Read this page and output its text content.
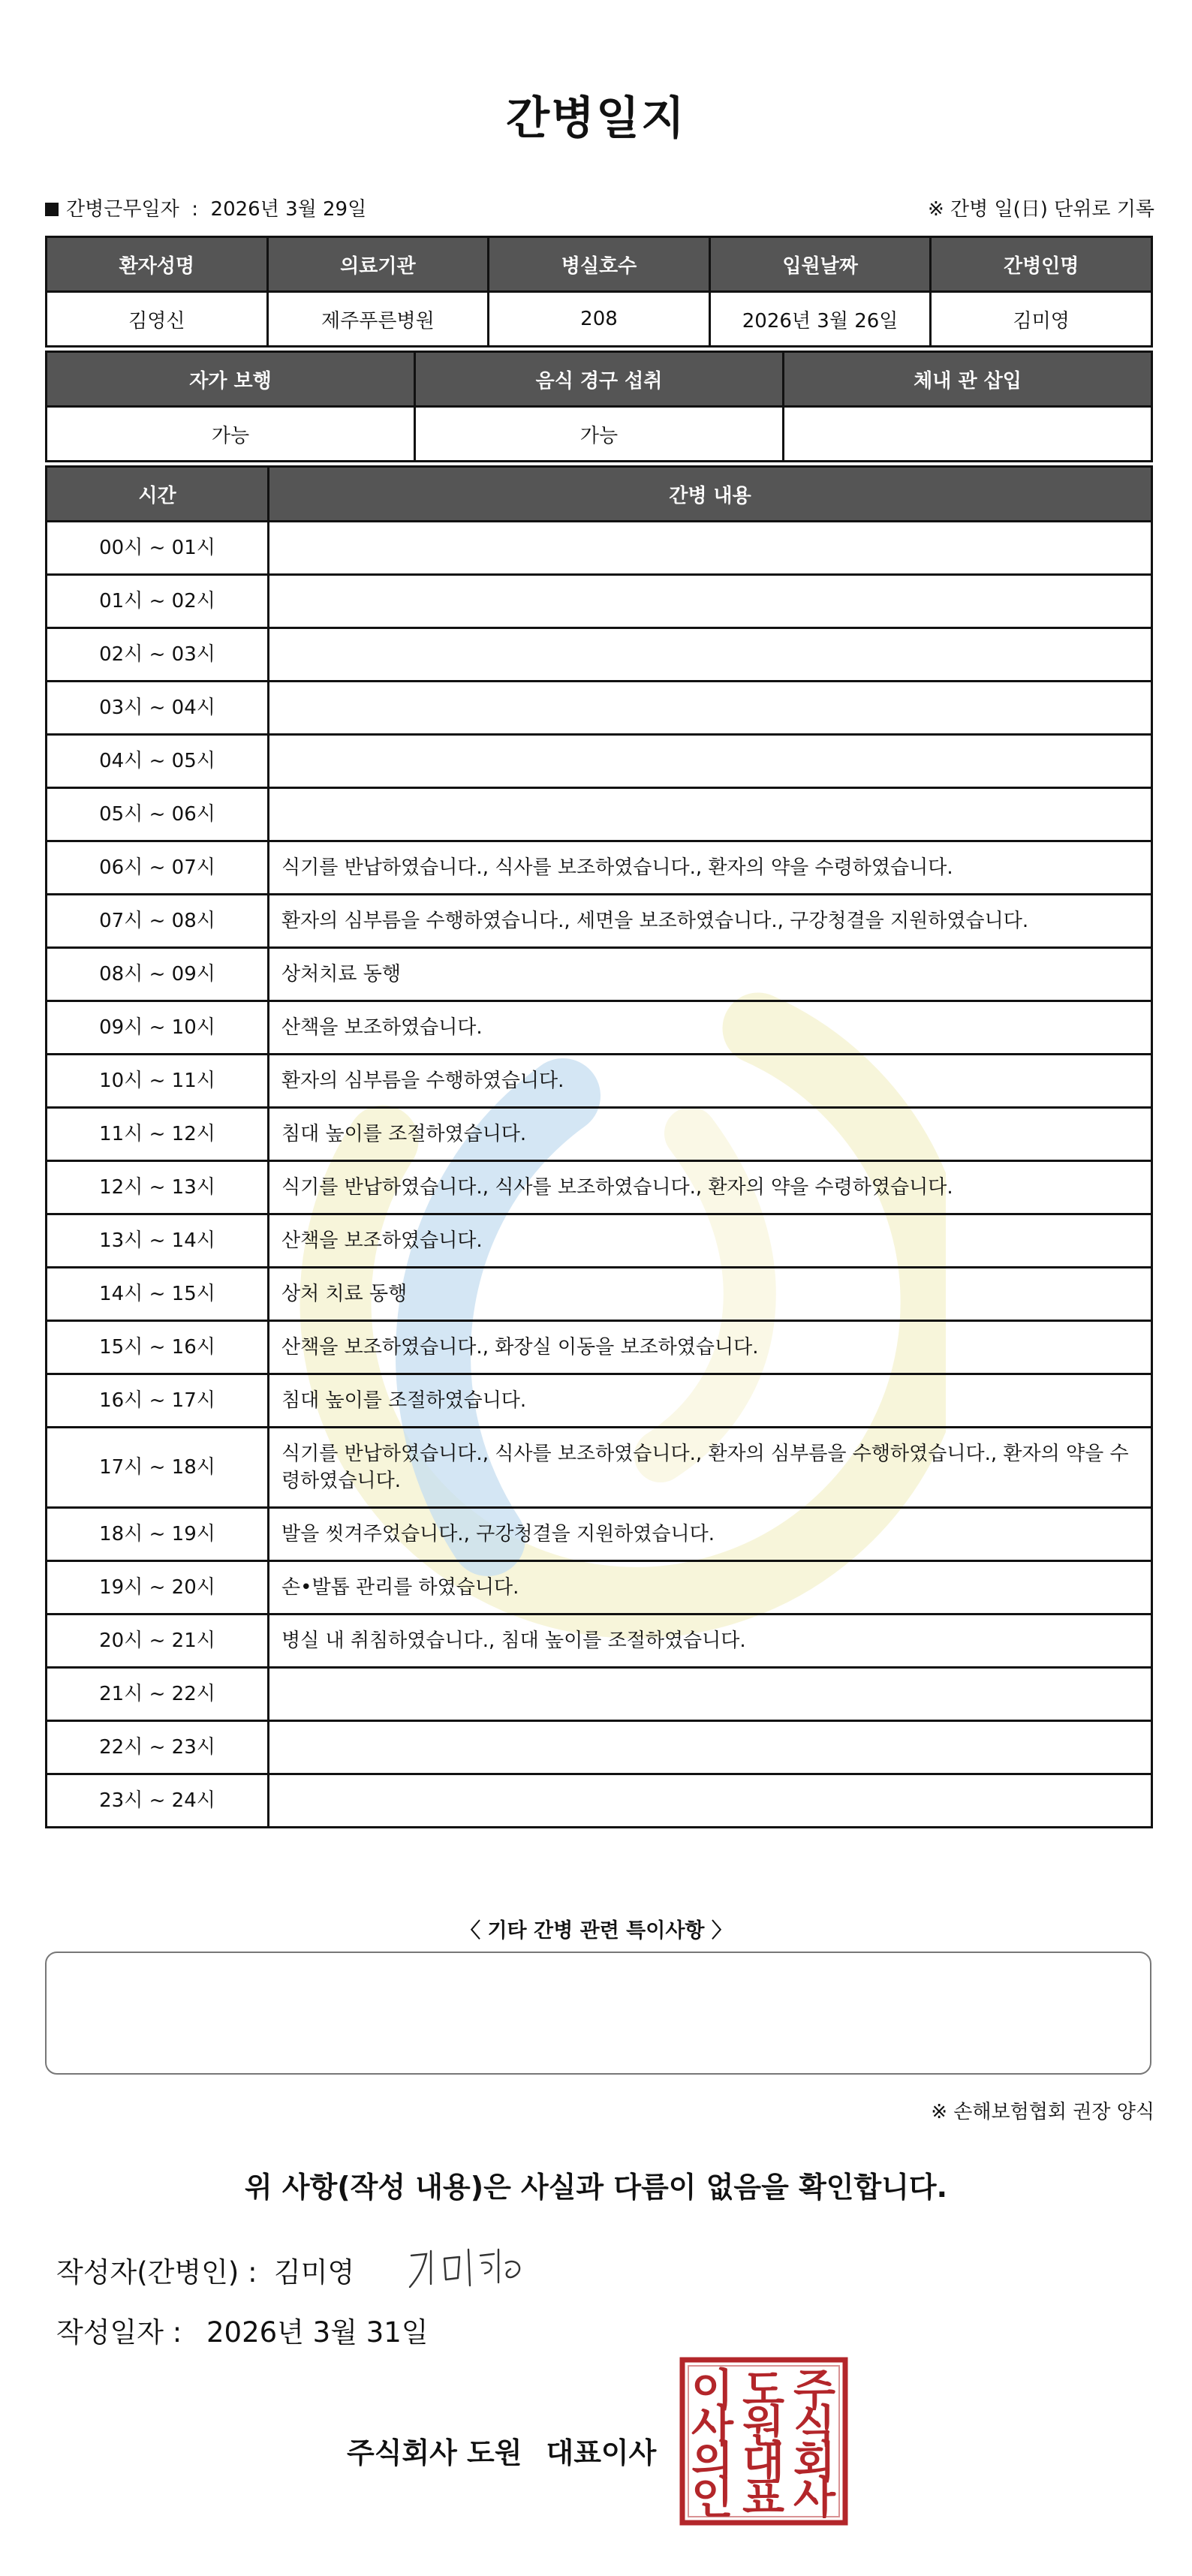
간병일지
간병근무일자 : 2026년 3월 29일	※ 간병 일(日) 단위로 기록
환자성명	의료기관	병실호수	입원날짜	간병인명
김영신	제주푸른병원	208	2026년 3월 26일	김미영
자가 보행	음식 경구 섭취	체내 관 삽입
가능	가능	
시간	간병 내용
00시 ~ 01시	
01시 ~ 02시	
02시 ~ 03시	
03시 ~ 04시	
04시 ~ 05시	
05시 ~ 06시	
06시 ~ 07시	식기를 반납하였습니다., 식사를 보조하였습니다., 환자의 약을 수령하였습니다.
07시 ~ 08시	환자의 심부름을 수행하였습니다., 세면을 보조하였습니다., 구강청결을 지원하였습니다.
08시 ~ 09시	상처치료 동행
09시 ~ 10시	산책을 보조하였습니다.
10시 ~ 11시	환자의 심부름을 수행하였습니다.
11시 ~ 12시	침대 높이를 조절하였습니다.
12시 ~ 13시	식기를 반납하였습니다., 식사를 보조하였습니다., 환자의 약을 수령하였습니다.
13시 ~ 14시	산책을 보조하였습니다.
14시 ~ 15시	상처 치료 동행
15시 ~ 16시	산책을 보조하였습니다., 화장실 이동을 보조하였습니다.
16시 ~ 17시	침대 높이를 조절하였습니다.
17시 ~ 18시	식기를 반납하였습니다., 식사를 보조하였습니다., 환자의 심부름을 수행하였습니다., 환자의 약을 수령하였습니다.
18시 ~ 19시	발을 씻겨주었습니다., 구강청결을 지원하였습니다.
19시 ~ 20시	손•발톱 관리를 하였습니다.
20시 ~ 21시	병실 내 취침하였습니다., 침대 높이를 조절하였습니다.
21시 ~ 22시	
22시 ~ 23시	
23시 ~ 24시	
〈 기타 간병 관련 특이사항 〉
※ 손해보험협회 권장 양식
위 사항(작성 내용)은 사실과 다름이 없음을 확인합니다.
작성자(간병인) : 김미영
작성일자 : 2026년 3월 31일
주식회사 도원 대표이사
주
식
회
사
도
원
대
표
이
사
의
인
